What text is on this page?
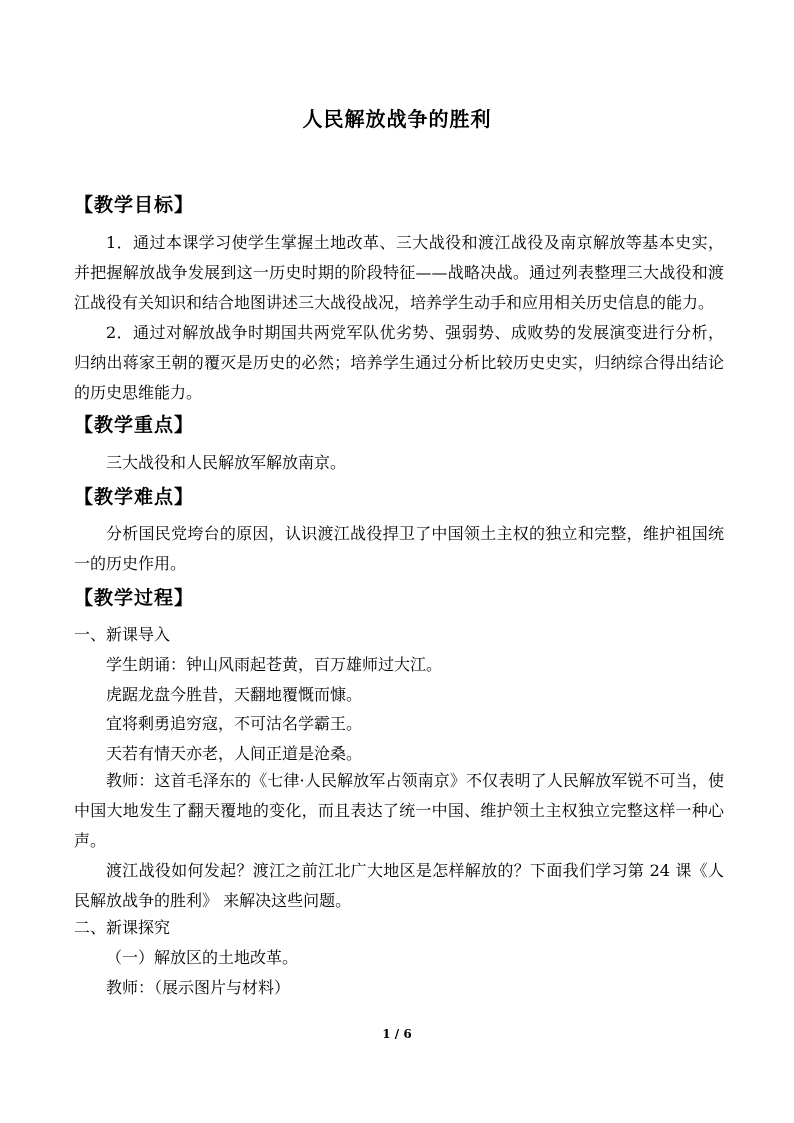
人民解放战争的胜利
【教学目标】
1．通过本课学习使学生掌握土地改革、三大战役和渡江战役及南京解放等基本史实，并把握解放战争发展到这一历史时期的阶段特征——战略决战。通过列表整理三大战役和渡江战役有关知识和结合地图讲述三大战役战况，培养学生动手和应用相关历史信息的能力。
2．通过对解放战争时期国共两党军队优劣势、强弱势、成败势的发展演变进行分析，归纳出蒋家王朝的覆灭是历史的必然；培养学生通过分析比较历史史实，归纳综合得出结论的历史思维能力。
【教学重点】
三大战役和人民解放军解放南京。
【教学难点】
分析国民党垮台的原因，认识渡江战役捍卫了中国领土主权的独立和完整，维护祖国统一的历史作用。
【教学过程】
一、新课导入
学生朗诵：钟山风雨起苍黄，百万雄师过大江。
虎踞龙盘今胜昔，天翻地覆慨而慷。
宜将剩勇追穷寇，不可沽名学霸王。
天若有情天亦老，人间正道是沧桑。
教师：这首毛泽东的《七律·人民解放军占领南京》不仅表明了人民解放军锐不可当，使中国大地发生了翻天覆地的变化，而且表达了统一中国、维护领土主权独立完整这样一种心声。
渡江战役如何发起？渡江之前江北广大地区是怎样解放的？下面我们学习第 24 课《人民解放战争的胜利》 来解决这些问题。
二、新课探究
（一）解放区的土地改革。
教师：（展示图片与材料）
1 / 6
